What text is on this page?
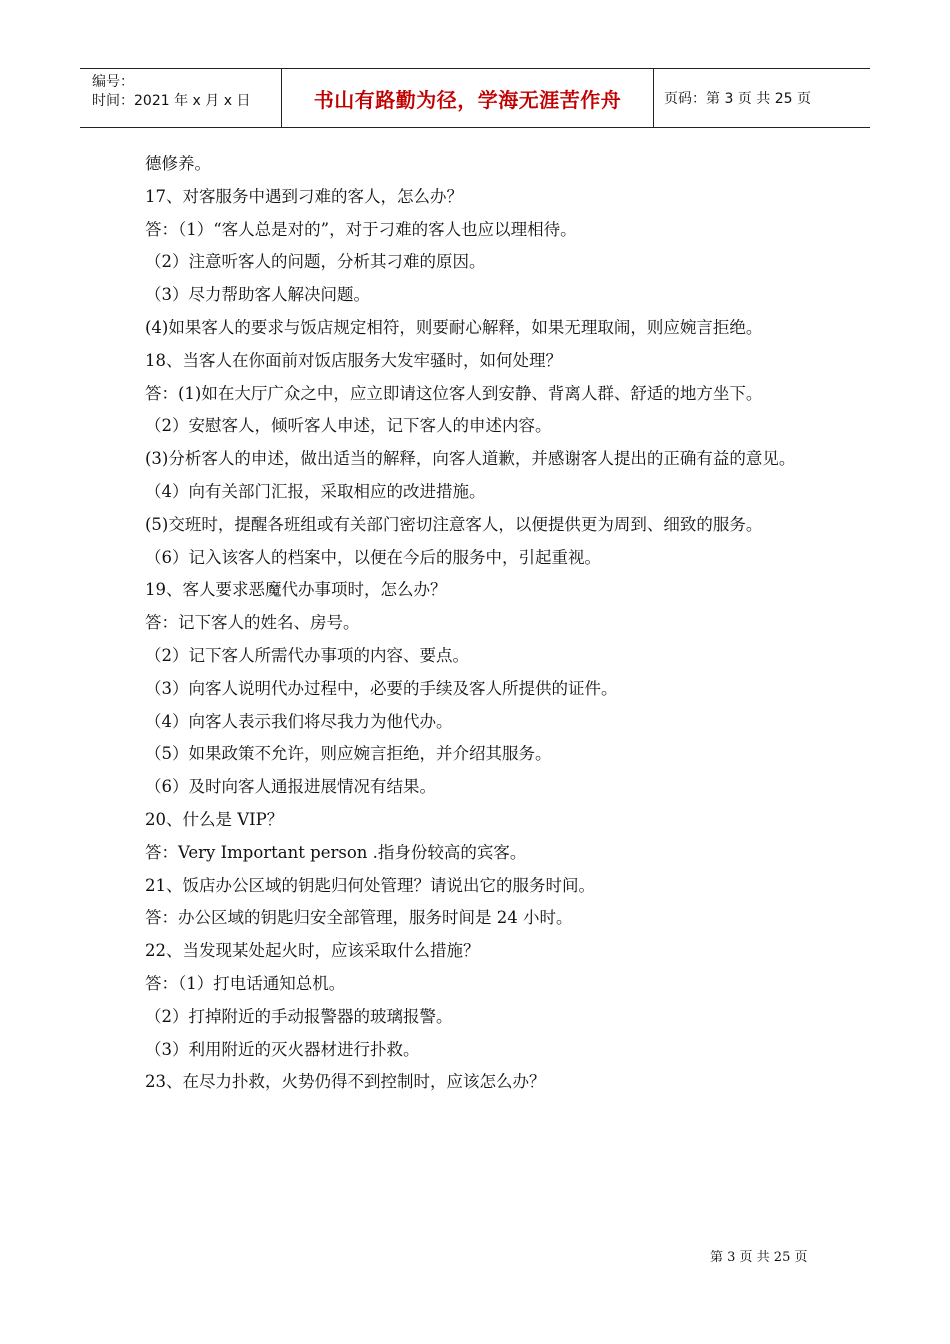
编号：
时间：2021 年 x 月 x 日	书山有路勤为径，学海无涯苦作舟	页码：第 3 页 共 25 页

德修养。

17、对客服务中遇到刁难的客人，怎么办？

答：（1）“客人总是对的”，对于刁难的客人也应以理相待。

（2）注意听客人的问题，分析其刁难的原因。

（3）尽力帮助客人解决问题。

(4)如果客人的要求与饭店规定相符，则要耐心解释，如果无理取闹，则应婉言拒绝。

18、当客人在你面前对饭店服务大发牢骚时，如何处理？

答：(1)如在大厅广众之中，应立即请这位客人到安静、背离人群、舒适的地方坐下。

（2）安慰客人，倾听客人申述，记下客人的申述内容。

(3)分析客人的申述，做出适当的解释，向客人道歉，并感谢客人提出的正确有益的意见。

（4）向有关部门汇报，采取相应的改进措施。

(5)交班时，提醒各班组或有关部门密切注意客人，以便提供更为周到、细致的服务。

（6）记入该客人的档案中，以便在今后的服务中，引起重视。

19、客人要求恶魔代办事项时，怎么办？

答：记下客人的姓名、房号。

（2）记下客人所需代办事项的内容、要点。

（3）向客人说明代办过程中，必要的手续及客人所提供的证件。

（4）向客人表示我们将尽我力为他代办。

（5）如果政策不允许，则应婉言拒绝，并介绍其服务。

（6）及时向客人通报进展情况有结果。

20、什么是 VIP？

答：Very Important person .指身份较高的宾客。

21、饭店办公区域的钥匙归何处管理？请说出它的服务时间。

答：办公区域的钥匙归安全部管理，服务时间是 24 小时。

22、当发现某处起火时，应该采取什么措施？

答：（1）打电话通知总机。

（2）打掉附近的手动报警器的玻璃报警。

（3）利用附近的灭火器材进行扑救。

23、在尽力扑救，火势仍得不到控制时，应该怎么办？

第 3 页 共 25 页
